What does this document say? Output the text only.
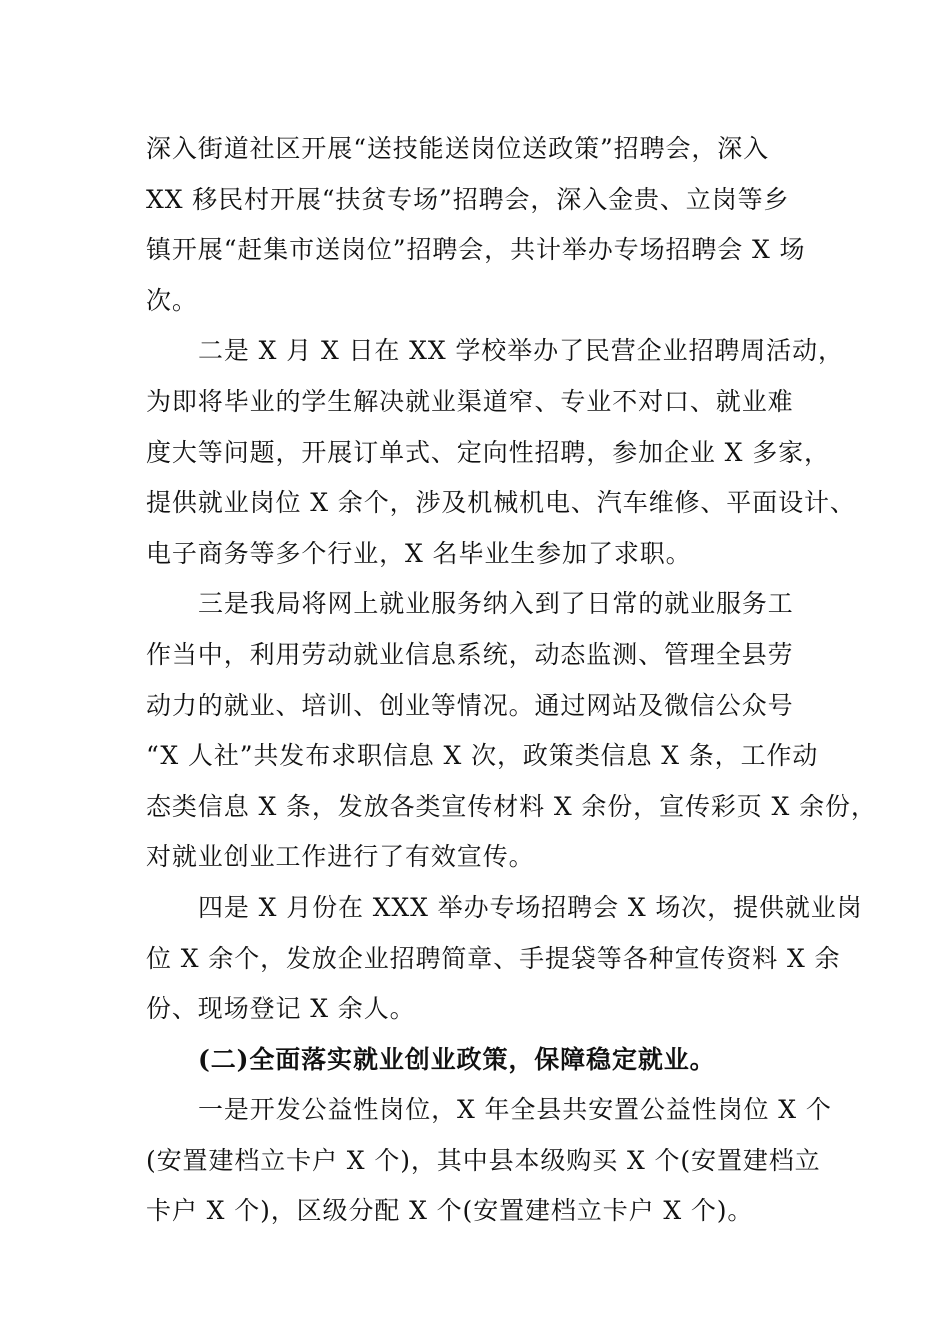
深入街道社区开展“送技能送岗位送政策”招聘会，深入
XX 移民村开展“扶贫专场”招聘会，深入金贵、立岗等乡
镇开展“赶集市送岗位”招聘会，共计举办专场招聘会 X 场
次。
二是 X 月 X 日在 XX 学校举办了民营企业招聘周活动，
为即将毕业的学生解决就业渠道窄、专业不对口、就业难
度大等问题，开展订单式、定向性招聘，参加企业 X 多家，
提供就业岗位 X 余个，涉及机械机电、汽车维修、平面设计、
电子商务等多个行业，X 名毕业生参加了求职。
三是我局将网上就业服务纳入到了日常的就业服务工
作当中，利用劳动就业信息系统，动态监测、管理全县劳
动力的就业、培训、创业等情况。通过网站及微信公众号
“X 人社”共发布求职信息 X 次，政策类信息 X 条，工作动
态类信息 X 条，发放各类宣传材料 X 余份，宣传彩页 X 余份，
对就业创业工作进行了有效宣传。
四是 X 月份在 XXX 举办专场招聘会 X 场次，提供就业岗
位 X 余个，发放企业招聘简章、手提袋等各种宣传资料 X 余
份、现场登记 X 余人。
(二)全面落实就业创业政策，保障稳定就业。
一是开发公益性岗位，X 年全县共安置公益性岗位 X 个
(安置建档立卡户 X 个)，其中县本级购买 X 个(安置建档立
卡户 X 个)，区级分配 X 个(安置建档立卡户 X 个)。
